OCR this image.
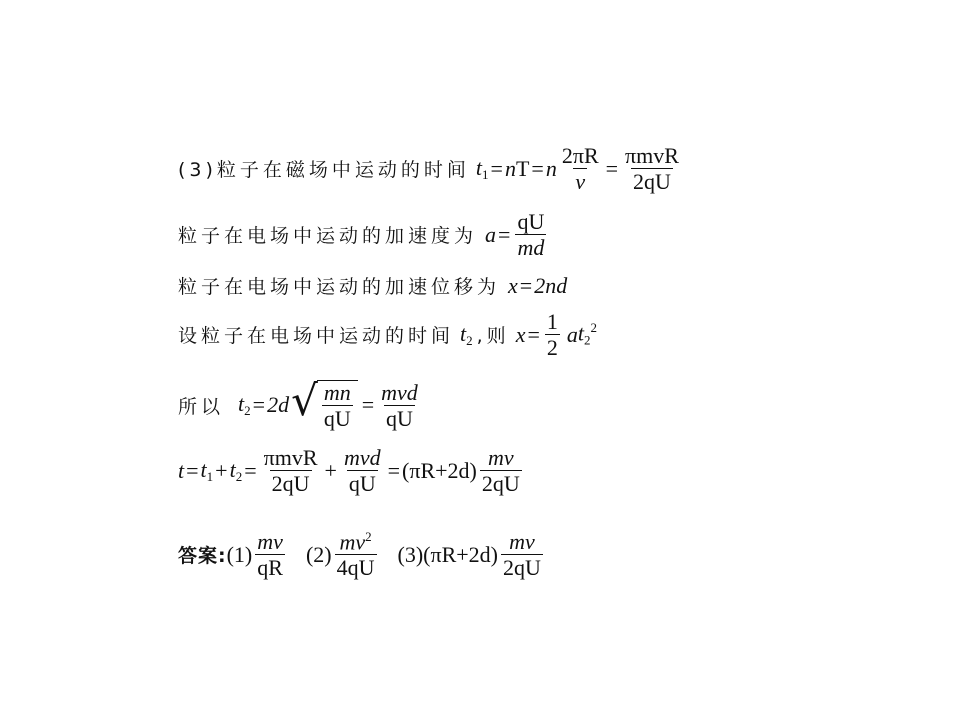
(3)粒子在磁场中运动的时间 $t_1 = n$ T = n $\frac{2\pi R}{v} = \frac{\text{πmvR}}{2qU}$
粒子在电场中运动的加速度为 $a = \frac{qU}{md}$
粒子在电场中运动的加速位移为 x = 2nd
设粒子在电场中运动的时间 $t_2$ ,则 $x = \frac{1}{2}$ a $t_2^2$
所以 $t_2 = 2d$ √ $\frac{mn}{qU} = \frac{\text{mvd}}{qU}$
$t = t_1 + t_2 = \frac{\text{πmvR}}{2qU} + \frac{\text{mvd}}{qU} = (\pi R+2d) \frac{mv}{2qU}$
答案: $(1) \frac{mv}{qR} (2) \frac{mv^2}{4qU} (3)(\pi R+2d) \frac{mv}{2qU}$
